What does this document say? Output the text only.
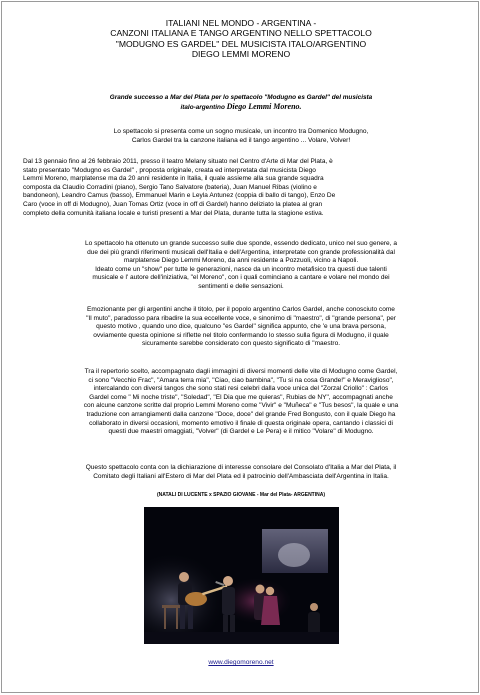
ITALIANI NEL MONDO - ARGENTINA -
CANZONI ITALIANA E TANGO ARGENTINO NELLO SPETTACOLO
"MODUGNO ES GARDEL" DEL MUSICISTA ITALO/ARGENTINO
DIEGO LEMMI MORENO
Grande successo a Mar del Plata per lo spettacolo "Modugno es Gardel" del musicista
italo-argentino Diego Lemmi Moreno.

Lo spettacolo si presenta come un sogno musicale, un incontro tra Domenico Modugno,

Carlos Gardel tra la canzone italiana ed il tango argentino ... Volare, Volver!

Dal 13 gennaio fino al 26 febbraio 2011, presso il teatro Melany situato nel Centro d'Arte di Mar del Plata, è

stato presentato "Modugno es Gardel" , proposta originale, creata ed interpretata dal musicista Diego

Lemmi Moreno, marplatense ma da 20 anni residente in Italia, il quale assieme alla sua grande squadra

composta da Claudio Corradini (piano), Sergio Tano Salvatore (bateria), Juan Manuel Ribas (violino e

bandoneon), Leandro Camus (basso), Emmanuel Marin e Leyla Antunez (coppia di ballo di tango), Enzo De

Caro (voce in off di Modugno), Juan Tomas Ortiz (voce in off di Gardel) hanno deliziato la platea al gran

completo della comunità italiana locale e turisti presenti a Mar del Plata, durante tutta la stagione estiva.

Lo spettacolo ha ottenuto un grande successo sulle due sponde, essendo dedicato, unico nel suo genere, a

due dei più grandi riferimenti musicali dell'Italia e dell'Argentina, interpretate con grande professionalità dal

marplatense Diego Lemmi Moreno, da anni residente a Pozzuoli, vicino a Napoli.

Ideato come un "show" per tutte le generazioni, nasce da un incontro metafisico tra questi due talenti

musicale e l' autore dell'iniziativa, "el Moreno", con i quali cominciano a cantare e volare nel mondo dei

sentimenti e delle sensazioni.

Emozionante per gli argentini anche il titolo, per il popolo argentino Carlos Gardel, anche conosciuto come

"Il muto", paradosso para ribadire la sua eccellente voce, e sinonimo di "maestro", di "grande persona", per

questo motivo , quando uno dice, qualcuno "es Gardel" significa appunto, che 'e una brava persona,

ovviamente questa opinione si riflette nel titolo confermando lo stesso sulla figura di Modugno, il quale

sicuramente sarebbe considerato con questo significato di "maestro.

Tra il repertorio scelto, accompagnato dagli immagini di diversi momenti delle vite di Modugno come Gardel,

ci sono "Vecchio Frac", "Amara terra mia", "Ciao, ciao bambina", "Tu si na cosa Grande!" e Meraviglioso",

intercalando con diversi tangos che sono stati resi celebri dalla voce unica del "Zorzal Criollo" : Carlos

Gardel come " Mi noche triste", "Soledad", "El Dia que me quieras", Rubias de NY", accompagnati anche

con alcune canzone scritte dal proprio Lemmi Moreno come "Vivir" e "Muñeca" e "Tus besos", la quale e una

traduzione con arrangiamenti dalla canzone "Doce, doce" del grande Fred Bongusto, con il quale Diego ha

collaborato in diversi occasioni, momento emotivo il finale di questa originale opera, cantando i classici di

questi due maestri omaggiati, "Volver" (di Gardel e Le Pera) e il mitico "Volare" di Modugno.

Questo spettacolo conta con la dichiarazione di interesse consolare del Consolato d'Italia a Mar del Plata, il

Comitato degli Italiani all'Estero di Mar del Plata ed il patrocinio dell'Ambasciata dell'Argentina in Italia.

(NATALI DI LUCENTE x SPAZIO GIOVANE - Mar del Plata- ARGENTINA)
www.diegomoreno.net
